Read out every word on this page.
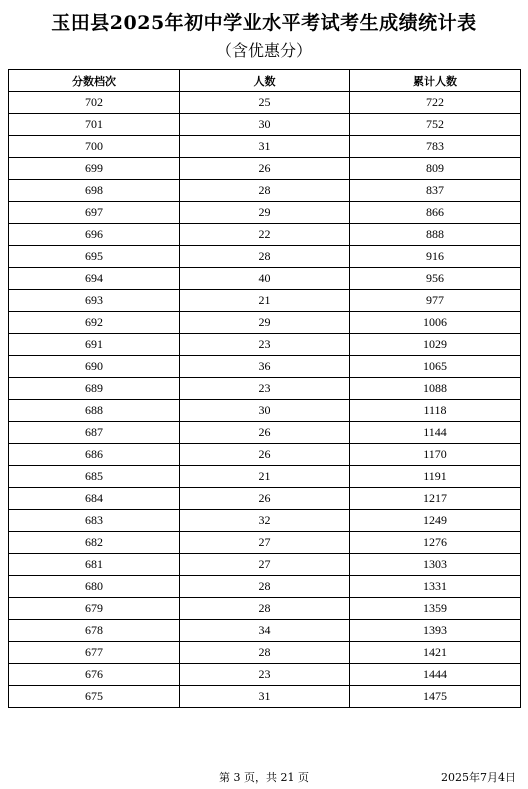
玉田县2025年初中学业水平考试考生成绩统计表
（含优惠分）
分数档次	人数	累计人数
702	25	722
701	30	752
700	31	783
699	26	809
698	28	837
697	29	866
696	22	888
695	28	916
694	40	956
693	21	977
692	29	1006
691	23	1029
690	36	1065
689	23	1088
688	30	1118
687	26	1144
686	26	1170
685	21	1191
684	26	1217
683	32	1249
682	27	1276
681	27	1303
680	28	1331
679	28	1359
678	34	1393
677	28	1421
676	23	1444
675	31	1475
第 3 页，共 21 页	2025年7月4日
